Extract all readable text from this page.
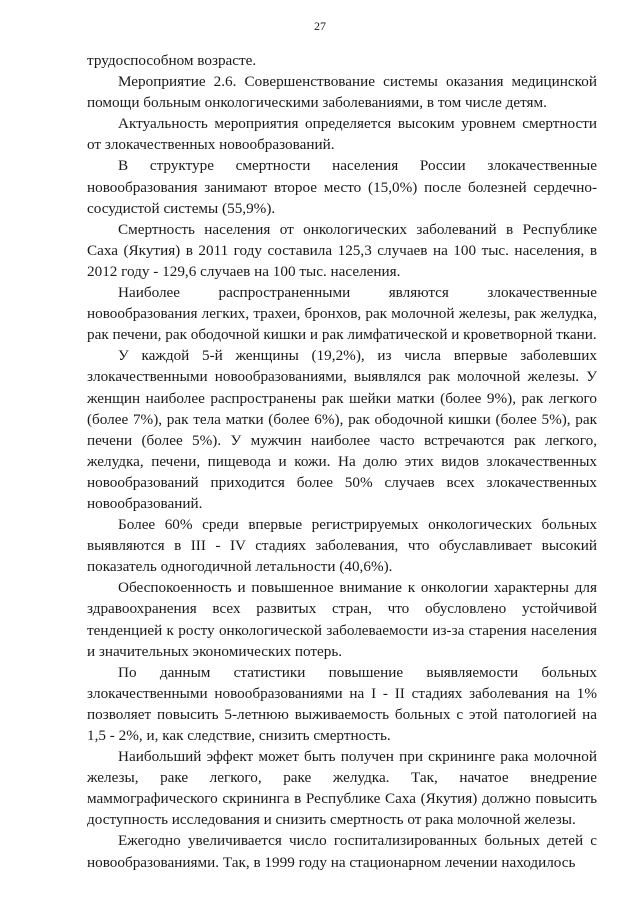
27

трудоспособном возрасте.

Мероприятие 2.6. Совершенствование системы оказания медицинской помощи больным онкологическими заболеваниями, в том числе детям.

Актуальность мероприятия определяется высоким уровнем смертности от злокачественных новообразований.

В структуре смертности населения России злокачественные новообразования занимают второе место (15,0%) после болезней сердечно-сосудистой системы (55,9%).

Смертность населения от онкологических заболеваний в Республике Саха (Якутия) в 2011 году составила 125,3 случаев на 100 тыс. населения, в 2012 году - 129,6 случаев на 100 тыс. населения.

Наиболее распространенными являются злокачественные новообразования легких, трахеи, бронхов, рак молочной железы, рак желудка, рак печени, рак ободочной кишки и рак лимфатической и кроветворной ткани.

У каждой 5-й женщины (19,2%), из числа впервые заболевших злокачественными новообразованиями, выявлялся рак молочной железы. У женщин наиболее распространены рак шейки матки (более 9%), рак легкого (более 7%), рак тела матки (более 6%), рак ободочной кишки (более 5%), рак печени (более 5%). У мужчин наиболее часто встречаются рак легкого, желудка, печени, пищевода и кожи. На долю этих видов злокачественных новообразований приходится более 50% случаев всех злокачественных новообразований.

Более 60% среди впервые регистрируемых онкологических больных выявляются в III - IV стадиях заболевания, что обуславливает высокий показатель одногодичной летальности (40,6%).

Обеспокоенность и повышенное внимание к онкологии характерны для здравоохранения всех развитых стран, что обусловлено устойчивой тенденцией к росту онкологической заболеваемости из-за старения населения и значительных экономических потерь.

По данным статистики повышение выявляемости больных злокачественными новообразованиями на I - II стадиях заболевания на 1% позволяет повысить 5-летнюю выживаемость больных с этой патологией на 1,5 - 2%, и, как следствие, снизить смертность.

Наибольший эффект может быть получен при скрининге рака молочной железы, раке легкого, раке желудка. Так, начатое внедрение маммографического скрининга в Республике Саха (Якутия) должно повысить доступность исследования и снизить смертность от рака молочной железы.

Ежегодно увеличивается число госпитализированных больных детей с новообразованиями. Так, в 1999 году на стационарном лечении находилось
